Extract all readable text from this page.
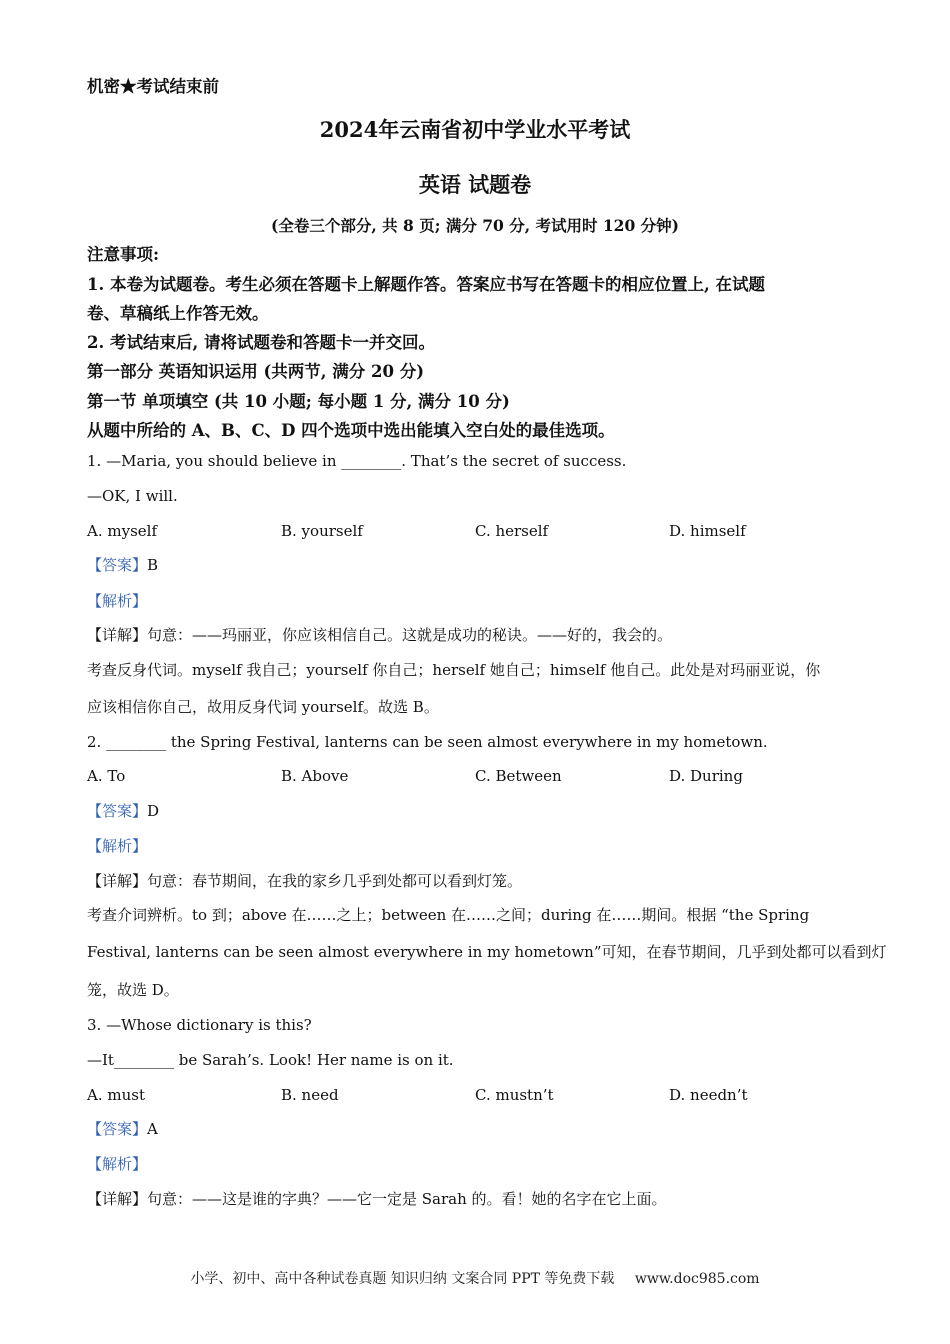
机密★考试结束前
2024年云南省初中学业水平考试
英语 试题卷
(全卷三个部分, 共 8 页; 满分 70 分, 考试用时 120 分钟)
注意事项:
1. 本卷为试题卷。考生必须在答题卡上解题作答。答案应书写在答题卡的相应位置上, 在试题
卷、草稿纸上作答无效。
2. 考试结束后, 请将试题卷和答题卡一并交回。
第一部分 英语知识运用 (共两节, 满分 20 分)
第一节 单项填空 (共 10 小题; 每小题 1 分, 满分 10 分)
从题中所给的 A、B、C、D 四个选项中选出能填入空白处的最佳选项。
1. —Maria, you should believe in ________. That’s the secret of success.
—OK, I will.
A. myself	B. yourself	C. herself	D. himself
【答案】B
【解析】
【详解】句意：——玛丽亚，你应该相信自己。这就是成功的秘诀。——好的，我会的。
考查反身代词。myself 我自己；yourself 你自己；herself 她自己；himself 他自己。此处是对玛丽亚说，你
应该相信你自己，故用反身代词 yourself。故选 B。
2. ________ the Spring Festival, lanterns can be seen almost everywhere in my hometown.
A. To	B. Above	C. Between	D. During
【答案】D
【解析】
【详解】句意：春节期间，在我的家乡几乎到处都可以看到灯笼。
考查介词辨析。to 到；above 在……之上；between 在……之间；during 在……期间。根据 “the Spring
Festival, lanterns can be seen almost everywhere in my hometown”可知，在春节期间，几乎到处都可以看到灯
笼，故选 D。
3. —Whose dictionary is this?
—It________ be Sarah’s. Look! Her name is on it.
A. must	B. need	C. mustn’t	D. needn’t
【答案】A
【解析】
【详解】句意：——这是谁的字典？——它一定是 Sarah 的。看！她的名字在它上面。
小学、初中、高中各种试卷真题 知识归纳 文案合同 PPT 等免费下载 www.doc985.com
